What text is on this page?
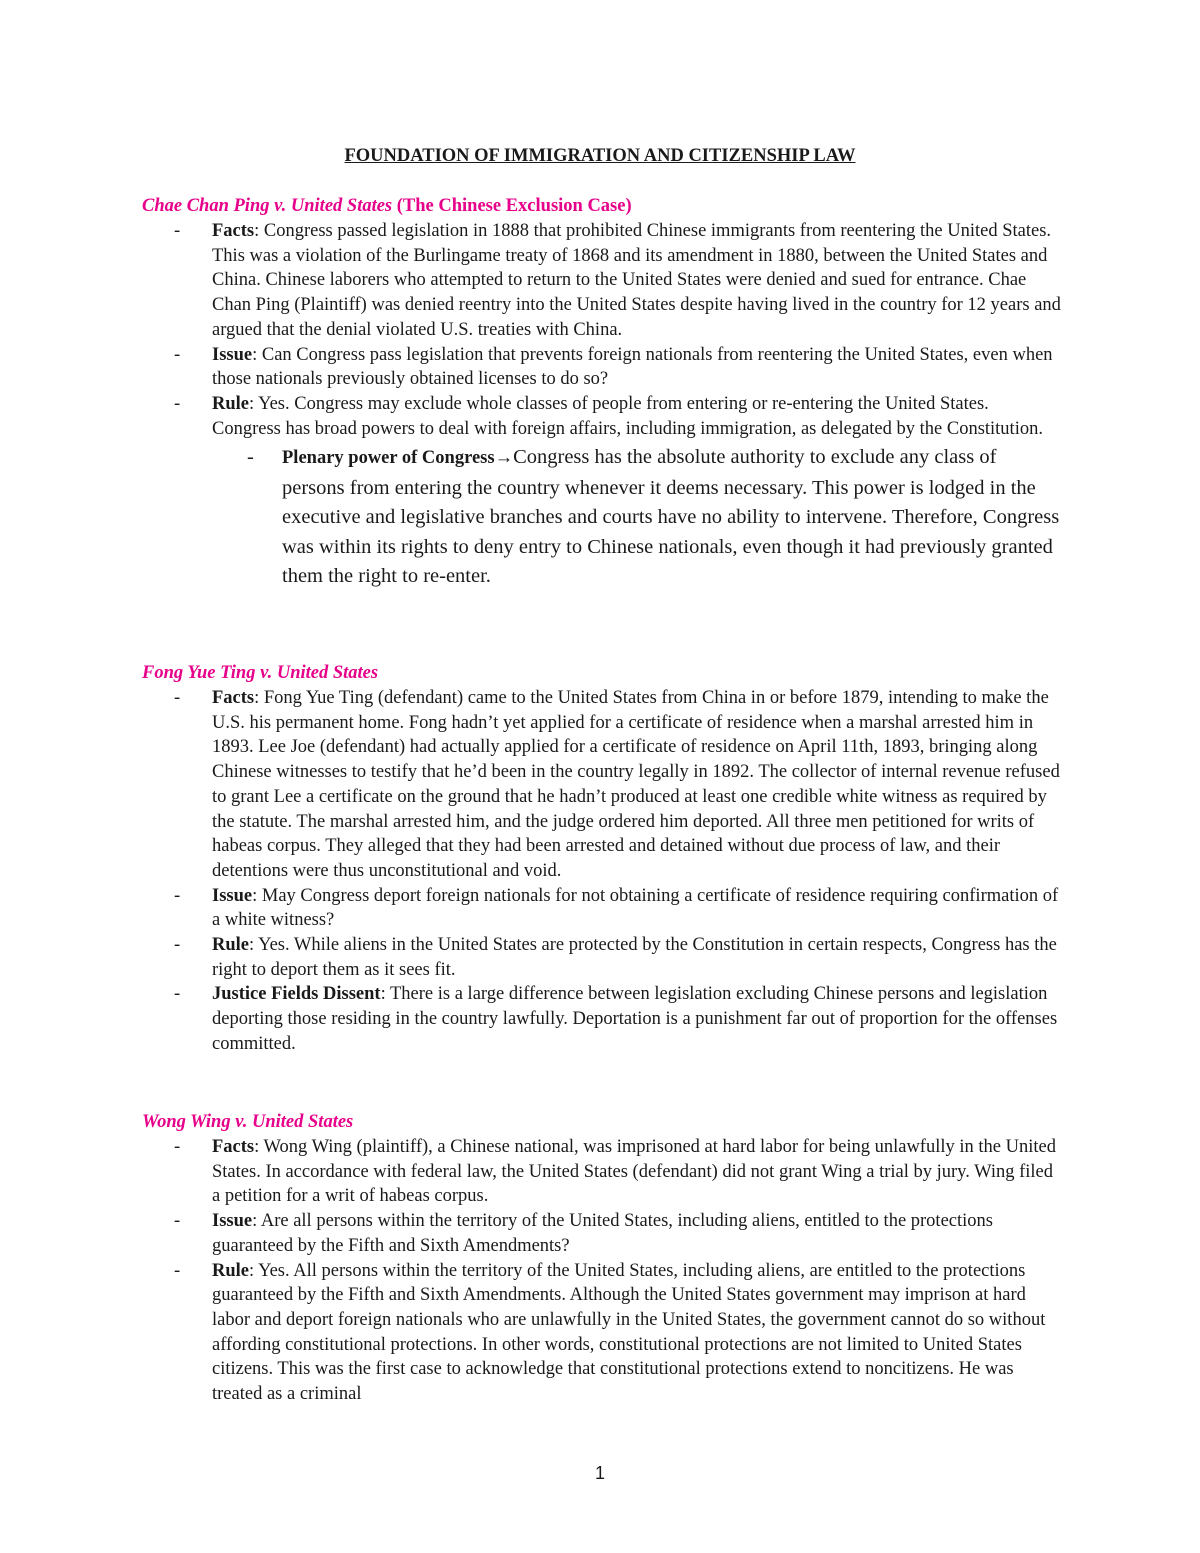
FOUNDATION OF IMMIGRATION AND CITIZENSHIP LAW
Chae Chan Ping v. United States (The Chinese Exclusion Case)
- Facts: Congress passed legislation in 1888 that prohibited Chinese immigrants from reentering the United States. This was a violation of the Burlingame treaty of 1868 and its amendment in 1880, between the United States and China. Chinese laborers who attempted to return to the United States were denied and sued for entrance. Chae Chan Ping (Plaintiff) was denied reentry into the United States despite having lived in the country for 12 years and argued that the denial violated U.S. treaties with China.
- Issue: Can Congress pass legislation that prevents foreign nationals from reentering the United States, even when those nationals previously obtained licenses to do so?
- Rule: Yes. Congress may exclude whole classes of people from entering or re-entering the United States. Congress has broad powers to deal with foreign affairs, including immigration, as delegated by the Constitution.
- Plenary power of Congress→Congress has the absolute authority to exclude any class of persons from entering the country whenever it deems necessary. This power is lodged in the executive and legislative branches and courts have no ability to intervene. Therefore, Congress was within its rights to deny entry to Chinese nationals, even though it had previously granted them the right to re-enter.
Fong Yue Ting v. United States
- Facts: Fong Yue Ting (defendant) came to the United States from China in or before 1879, intending to make the U.S. his permanent home. Fong hadn’t yet applied for a certificate of residence when a marshal arrested him in 1893. Lee Joe (defendant) had actually applied for a certificate of residence on April 11th, 1893, bringing along Chinese witnesses to testify that he’d been in the country legally in 1892. The collector of internal revenue refused to grant Lee a certificate on the ground that he hadn’t produced at least one credible white witness as required by the statute. The marshal arrested him, and the judge ordered him deported. All three men petitioned for writs of habeas corpus. They alleged that they had been arrested and detained without due process of law, and their detentions were thus unconstitutional and void.
- Issue: May Congress deport foreign nationals for not obtaining a certificate of residence requiring confirmation of a white witness?
- Rule: Yes. While aliens in the United States are protected by the Constitution in certain respects, Congress has the right to deport them as it sees fit.
- Justice Fields Dissent: There is a large difference between legislation excluding Chinese persons and legislation deporting those residing in the country lawfully. Deportation is a punishment far out of proportion for the offenses committed.
Wong Wing v. United States
- Facts: Wong Wing (plaintiff), a Chinese national, was imprisoned at hard labor for being unlawfully in the United States. In accordance with federal law, the United States (defendant) did not grant Wing a trial by jury. Wing filed a petition for a writ of habeas corpus.
- Issue: Are all persons within the territory of the United States, including aliens, entitled to the protections guaranteed by the Fifth and Sixth Amendments?
- Rule: Yes. All persons within the territory of the United States, including aliens, are entitled to the protections guaranteed by the Fifth and Sixth Amendments. Although the United States government may imprison at hard labor and deport foreign nationals who are unlawfully in the United States, the government cannot do so without affording constitutional protections. In other words, constitutional protections are not limited to United States citizens. This was the first case to acknowledge that constitutional protections extend to noncitizens. He was treated as a criminal
1
